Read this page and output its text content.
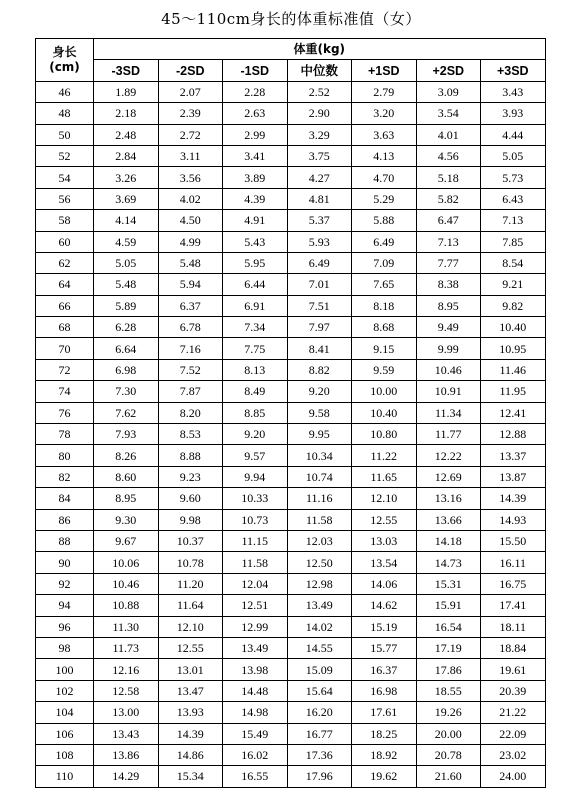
45～110cm身长的体重标准值（女）
身长
(cm)	体重(kg)						
	-3SD	-2SD	-1SD	中位数	+1SD	+2SD	+3SD
46	1.89	2.07	2.28	2.52	2.79	3.09	3.43
48	2.18	2.39	2.63	2.90	3.20	3.54	3.93
50	2.48	2.72	2.99	3.29	3.63	4.01	4.44
52	2.84	3.11	3.41	3.75	4.13	4.56	5.05
54	3.26	3.56	3.89	4.27	4.70	5.18	5.73
56	3.69	4.02	4.39	4.81	5.29	5.82	6.43
58	4.14	4.50	4.91	5.37	5.88	6.47	7.13
60	4.59	4.99	5.43	5.93	6.49	7.13	7.85
62	5.05	5.48	5.95	6.49	7.09	7.77	8.54
64	5.48	5.94	6.44	7.01	7.65	8.38	9.21
66	5.89	6.37	6.91	7.51	8.18	8.95	9.82
68	6.28	6.78	7.34	7.97	8.68	9.49	10.40
70	6.64	7.16	7.75	8.41	9.15	9.99	10.95
72	6.98	7.52	8.13	8.82	9.59	10.46	11.46
74	7.30	7.87	8.49	9.20	10.00	10.91	11.95
76	7.62	8.20	8.85	9.58	10.40	11.34	12.41
78	7.93	8.53	9.20	9.95	10.80	11.77	12.88
80	8.26	8.88	9.57	10.34	11.22	12.22	13.37
82	8.60	9.23	9.94	10.74	11.65	12.69	13.87
84	8.95	9.60	10.33	11.16	12.10	13.16	14.39
86	9.30	9.98	10.73	11.58	12.55	13.66	14.93
88	9.67	10.37	11.15	12.03	13.03	14.18	15.50
90	10.06	10.78	11.58	12.50	13.54	14.73	16.11
92	10.46	11.20	12.04	12.98	14.06	15.31	16.75
94	10.88	11.64	12.51	13.49	14.62	15.91	17.41
96	11.30	12.10	12.99	14.02	15.19	16.54	18.11
98	11.73	12.55	13.49	14.55	15.77	17.19	18.84
100	12.16	13.01	13.98	15.09	16.37	17.86	19.61
102	12.58	13.47	14.48	15.64	16.98	18.55	20.39
104	13.00	13.93	14.98	16.20	17.61	19.26	21.22
106	13.43	14.39	15.49	16.77	18.25	20.00	22.09
108	13.86	14.86	16.02	17.36	18.92	20.78	23.02
110	14.29	15.34	16.55	17.96	19.62	21.60	24.00
